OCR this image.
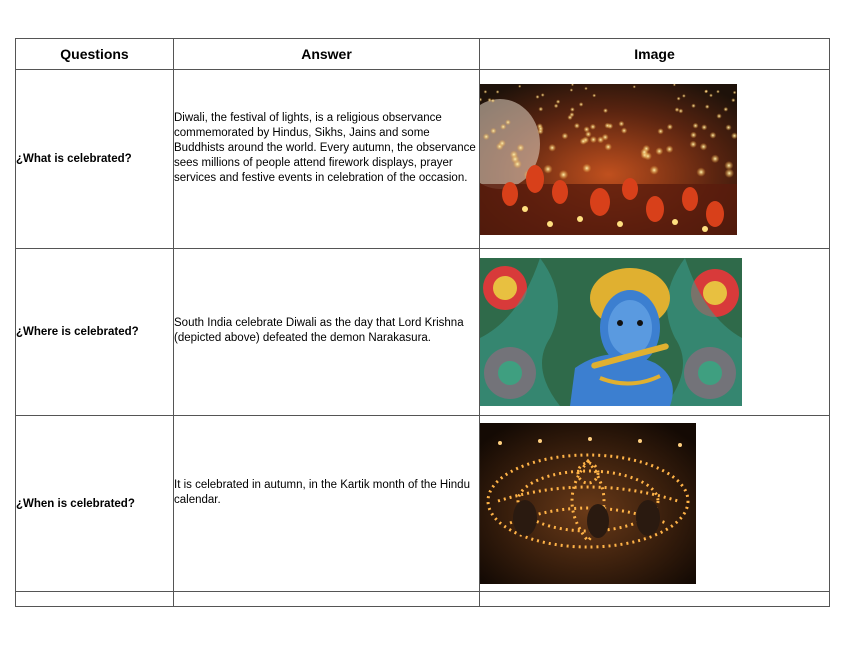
Questions	Answer	Image
¿What is celebrated?	Diwali, the festival of lights, is a religious observance commemorated by Hindus, Sikhs, Jains and some Buddhists around the world. Every autumn, the observance sees millions of people attend firework displays, prayer services and festive events in celebration of the occasion.

¿Where is celebrated?	South India celebrate Diwali as the day that Lord Krishna (depicted above) defeated the demon Narakasura.

¿When is celebrated?	It is celebrated in autumn, in the Kartik month of the Hindu calendar.
